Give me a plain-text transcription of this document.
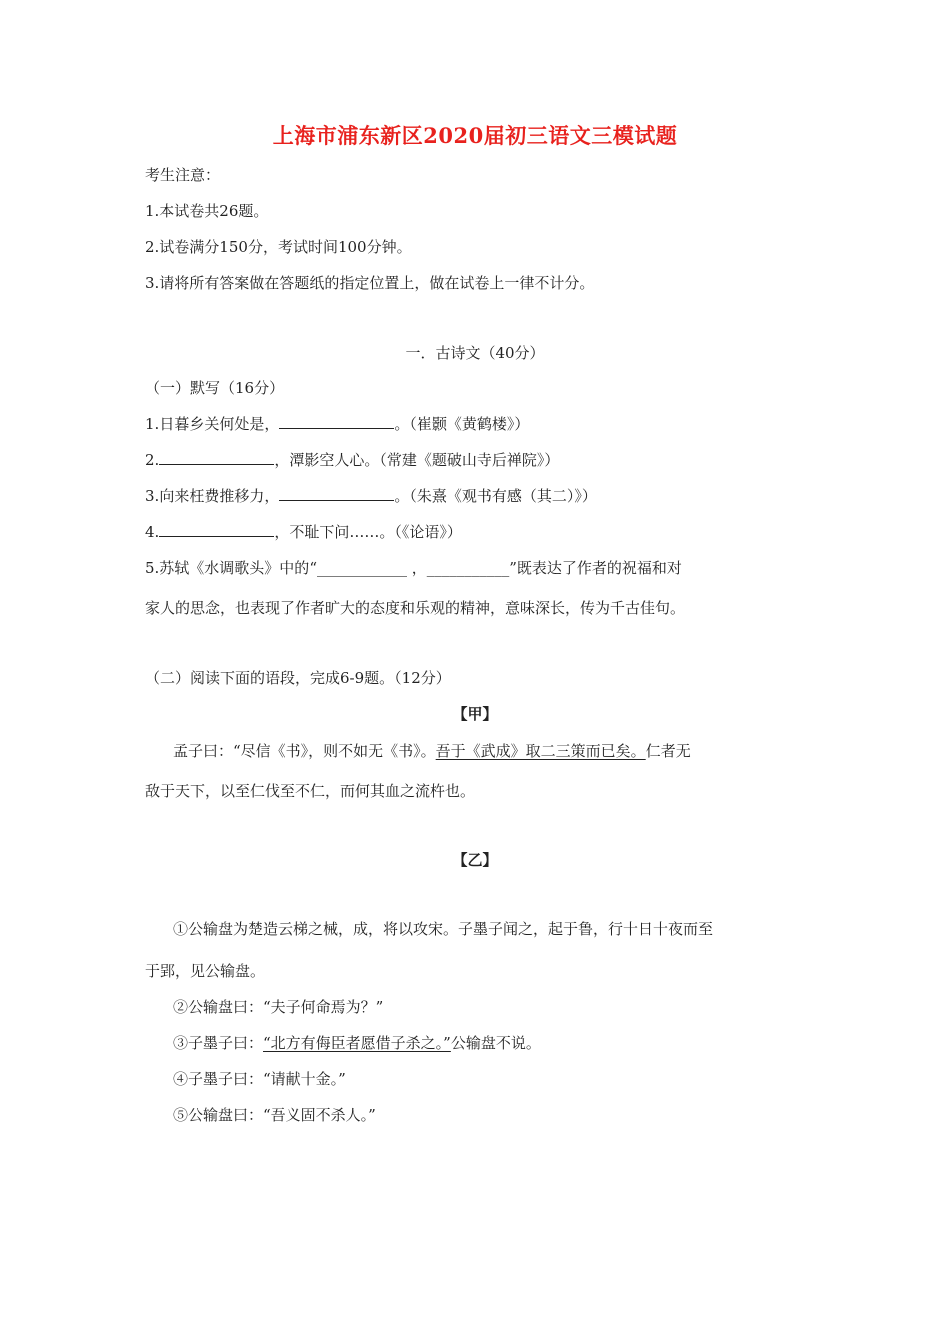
上海市浦东新区2020届初三语文三模试题
考生注意：
1.本试卷共26题。
2.试卷满分150分，考试时间100分钟。
3.请将所有答案做在答题纸的指定位置上，做在试卷上一律不计分。
一．古诗文（40分）
（一）默写（16分）
1.日暮乡关何处是，	。（崔颢《黄鹤楼》）
2.	，潭影空人心。（常建《题破山寺后禅院》）
3.向来枉费推移力，	。（朱熹《观书有感（其二）》）
4.	，不耻下问……。（《论语》）
5.苏轼《水调歌头》中的“____________ ，___________”既表达了作者的祝福和对
家人的思念，也表现了作者旷大的态度和乐观的精神，意味深长，传为千古佳句。
（二）阅读下面的语段，完成6-9题。（12分）
【甲】
孟子曰：“尽信《书》，则不如无《书》。吾于《武成》取二三策而已矣。仁者无
敌于天下，以至仁伐至不仁，而何其血之流杵也。
【乙】
①公输盘为楚造云梯之械，成，将以攻宋。子墨子闻之，起于鲁，行十日十夜而至
于郢，见公输盘。
②公输盘曰：“夫子何命焉为？”
③子墨子曰：“北方有侮臣者愿借子杀之。”公输盘不说。
④子墨子曰：“请献十金。”
⑤公输盘曰：“吾义固不杀人。”
